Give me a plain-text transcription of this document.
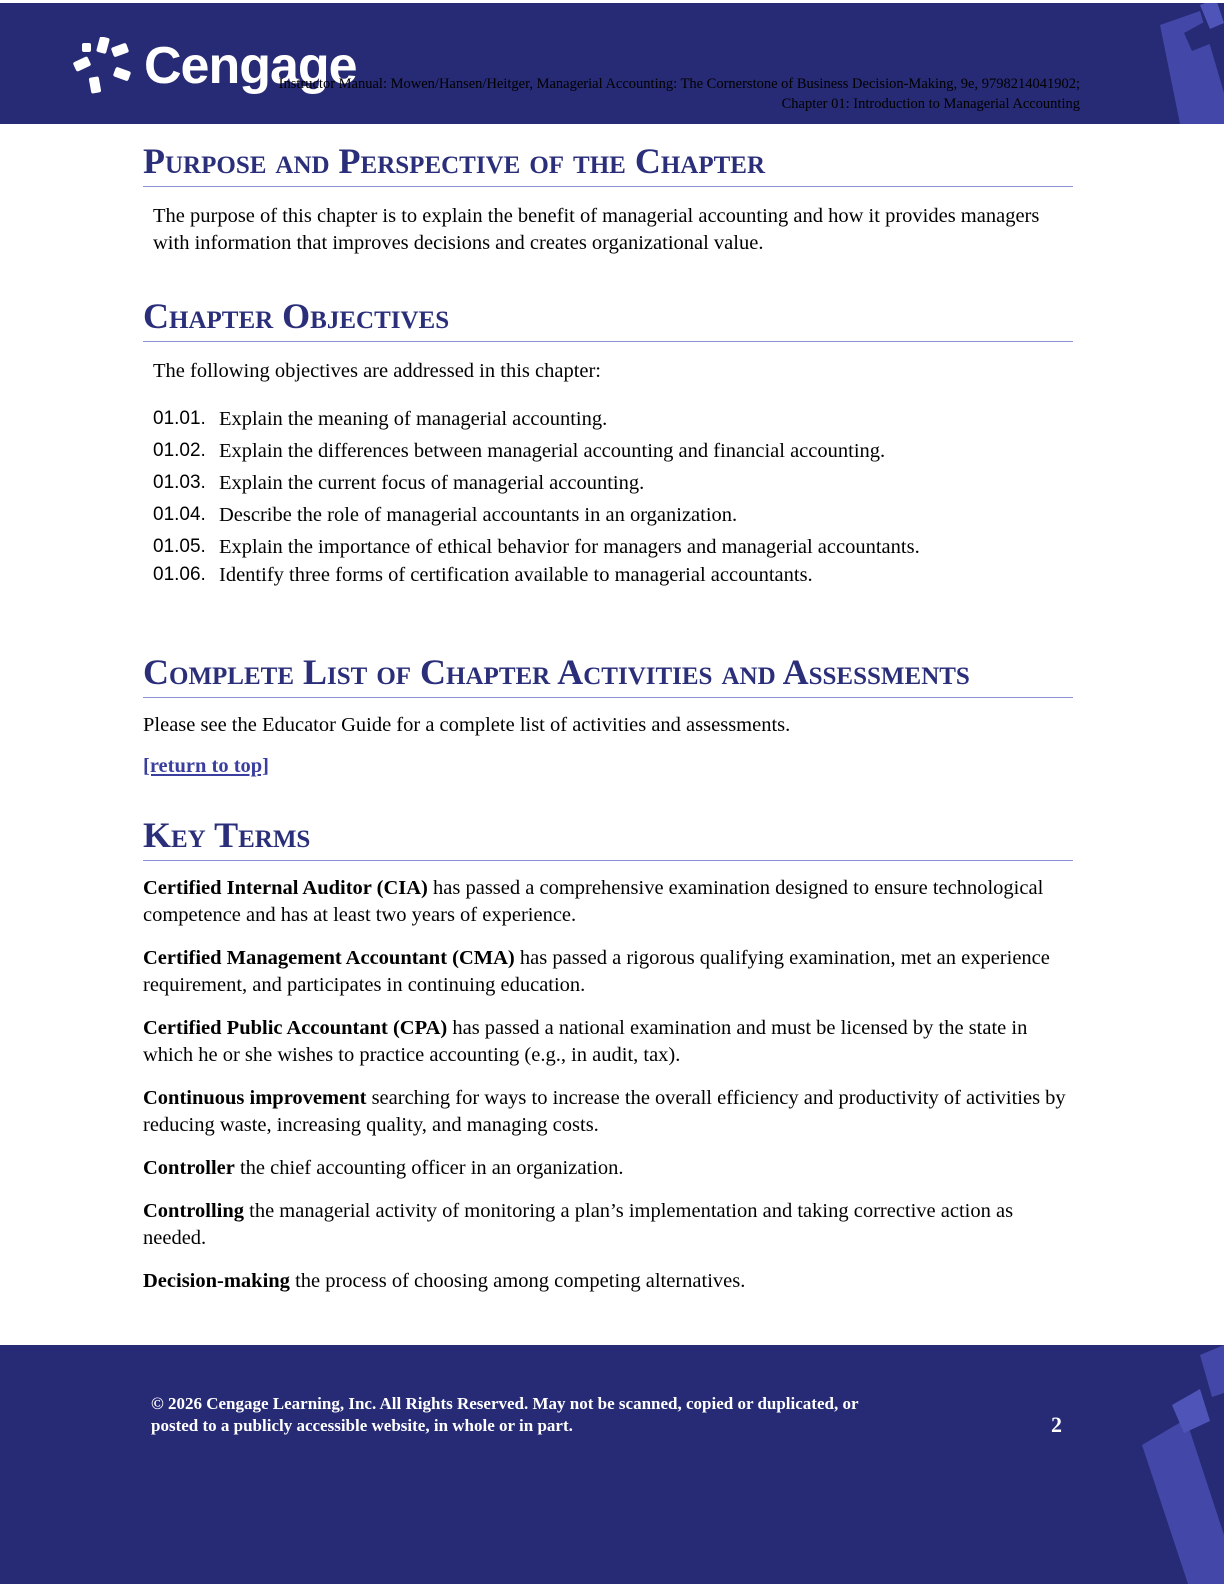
Cengage
Instructor Manual: Mowen/Hansen/Heitger, Managerial Accounting: The Cornerstone of Business Decision-Making, 9e, 9798214041902;
Chapter 01: Introduction to Managerial Accounting
Purpose and Perspective of the Chapter

The purpose of this chapter is to explain the benefit of managerial accounting and how it provides managers with information that improves decisions and creates organizational value.

Chapter Objectives

The following objectives are addressed in this chapter:

01.01. Explain the meaning of managerial accounting.
01.02. Explain the differences between managerial accounting and financial accounting.
01.03. Explain the current focus of managerial accounting.
01.04. Describe the role of managerial accountants in an organization.
01.05. Explain the importance of ethical behavior for managers and managerial accountants.
01.06. Identify three forms of certification available to managerial accountants.
Complete List of Chapter Activities and Assessments

Please see the Educator Guide for a complete list of activities and assessments.

[return to top]
Key Terms

Certified Internal Auditor (CIA) has passed a comprehensive examination designed to ensure technological competence and has at least two years of experience.

Certified Management Accountant (CMA) has passed a rigorous qualifying examination, met an experience requirement, and participates in continuing education.

Certified Public Accountant (CPA) has passed a national examination and must be licensed by the state in which he or she wishes to practice accounting (e.g., in audit, tax).

Continuous improvement searching for ways to increase the overall efficiency and productivity of activities by reducing waste, increasing quality, and managing costs.

Controller the chief accounting officer in an organization.

Controlling the managerial activity of monitoring a plan’s implementation and taking corrective action as needed.

Decision-making the process of choosing among competing alternatives.

© 2026 Cengage Learning, Inc. All Rights Reserved. May not be scanned, copied or duplicated, or
posted to a publicly accessible website, in whole or in part.	2
